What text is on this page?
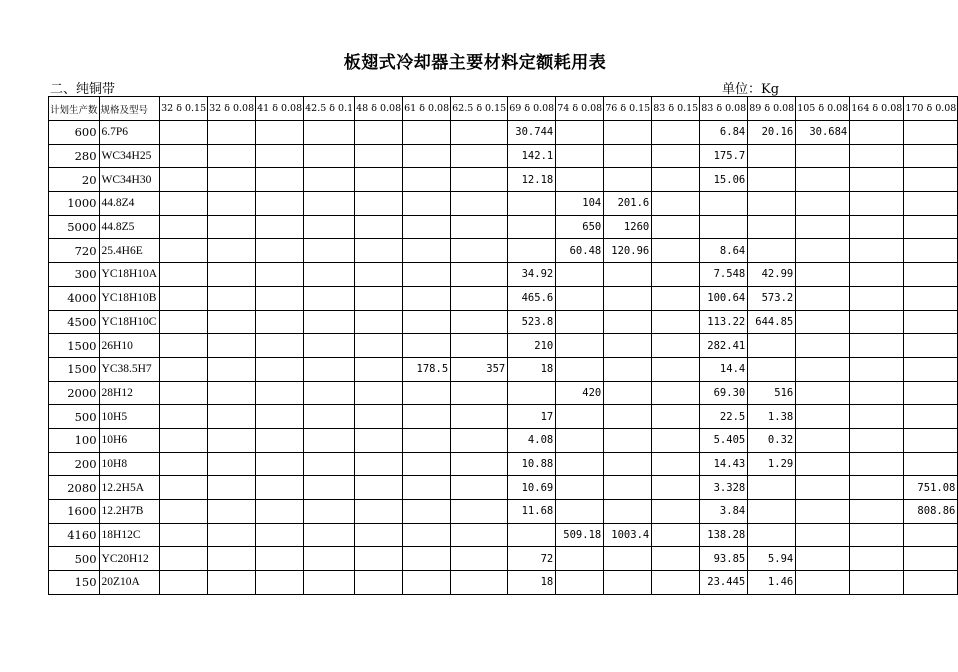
板翅式冷却器主要材料定额耗用表
二、纯铜带	单位：Kg
计划生产数	规格及型号	32 δ 0.15	32 δ 0.08	41 δ 0.08	42.5 δ 0.1	48 δ 0.08	61 δ 0.08	62.5 δ 0.15	69 δ 0.08	74 δ 0.08	76 δ 0.15	83 δ 0.15	83 δ 0.08	89 δ 0.08	105 δ 0.08	164 δ 0.08	170 δ 0.08
600	6.7P6								30.744				6.84	20.16	30.684		
280	WC34H25								142.1				175.7				
20	WC34H30								12.18				15.06				
1000	44.8Z4									104	201.6						
5000	44.8Z5									650	1260						
720	25.4H6E									60.48	120.96		8.64				
300	YC18H10A								34.92				7.548	42.99			
4000	YC18H10B								465.6				100.64	573.2			
4500	YC18H10C								523.8				113.22	644.85			
1500	26H10								210				282.41				
1500	YC38.5H7						178.5	357	18				14.4				
2000	28H12									420			69.30	516			
500	10H5								17				22.5	1.38			
100	10H6								4.08				5.405	0.32			
200	10H8								10.88				14.43	1.29			
2080	12.2H5A								10.69				3.328				751.08
1600	12.2H7B								11.68				3.84				808.86
4160	18H12C									509.18	1003.4		138.28				
500	YC20H12								72				93.85	5.94			
150	20Z10A								18				23.445	1.46			
